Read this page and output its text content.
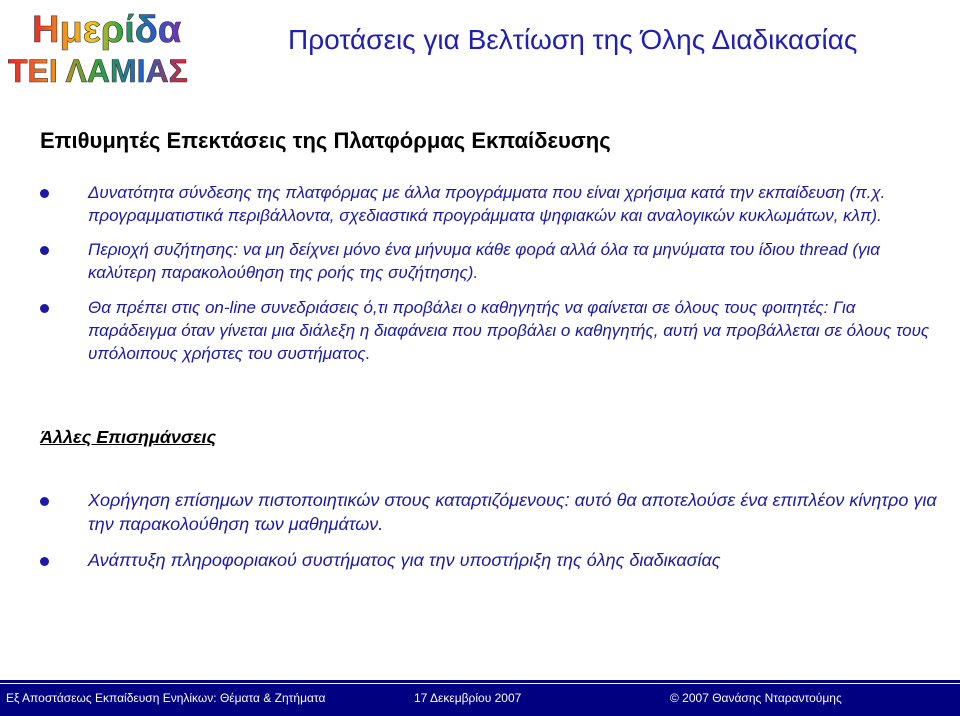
Ημερίδα
ΤΕΙ ΛΑΜΙΑΣ
Προτάσεις για Βελτίωση της Όλης Διαδικασίας
Επιθυμητές Επεκτάσεις της Πλατφόρμας Εκπαίδευσης
Δυνατότητα σύνδεσης της πλατφόρμας με άλλα προγράμματα που είναι χρήσιμα κατά την εκπαίδευση (π.χ. προγραμματιστικά περιβάλλοντα, σχεδιαστικά προγράμματα ψηφιακών και αναλογικών κυκλωμάτων, κλπ).
Περιοχή συζήτησης: να μη δείχνει μόνο ένα μήνυμα κάθε φορά αλλά όλα τα μηνύματα του ίδιου thread (για καλύτερη παρακολούθηση της ροής της συζήτησης).
Θα πρέπει στις on-line συνεδριάσεις ό,τι προβάλει ο καθηγητής να φαίνεται σε όλους τους φοιτητές: Για παράδειγμα όταν γίνεται μια διάλεξη η διαφάνεια που προβάλει ο καθηγητής, αυτή να προβάλλεται σε όλους τους υπόλοιπους χρήστες του συστήματος.
Άλλες Επισημάνσεις
Χορήγηση επίσημων πιστοποιητικών στους καταρτιζόμενους: αυτό θα αποτελούσε ένα επιπλέον κίνητρο για την παρακολούθηση των μαθημάτων.
Ανάπτυξη πληροφοριακού συστήματος για την υποστήριξη της όλης διαδικασίας
Εξ Αποστάσεως Εκπαίδευση Ενηλίκων: Θέματα & Ζητήματα	17 Δεκεμβρίου 2007	© 2007 Θανάσης Νταραντούμης
